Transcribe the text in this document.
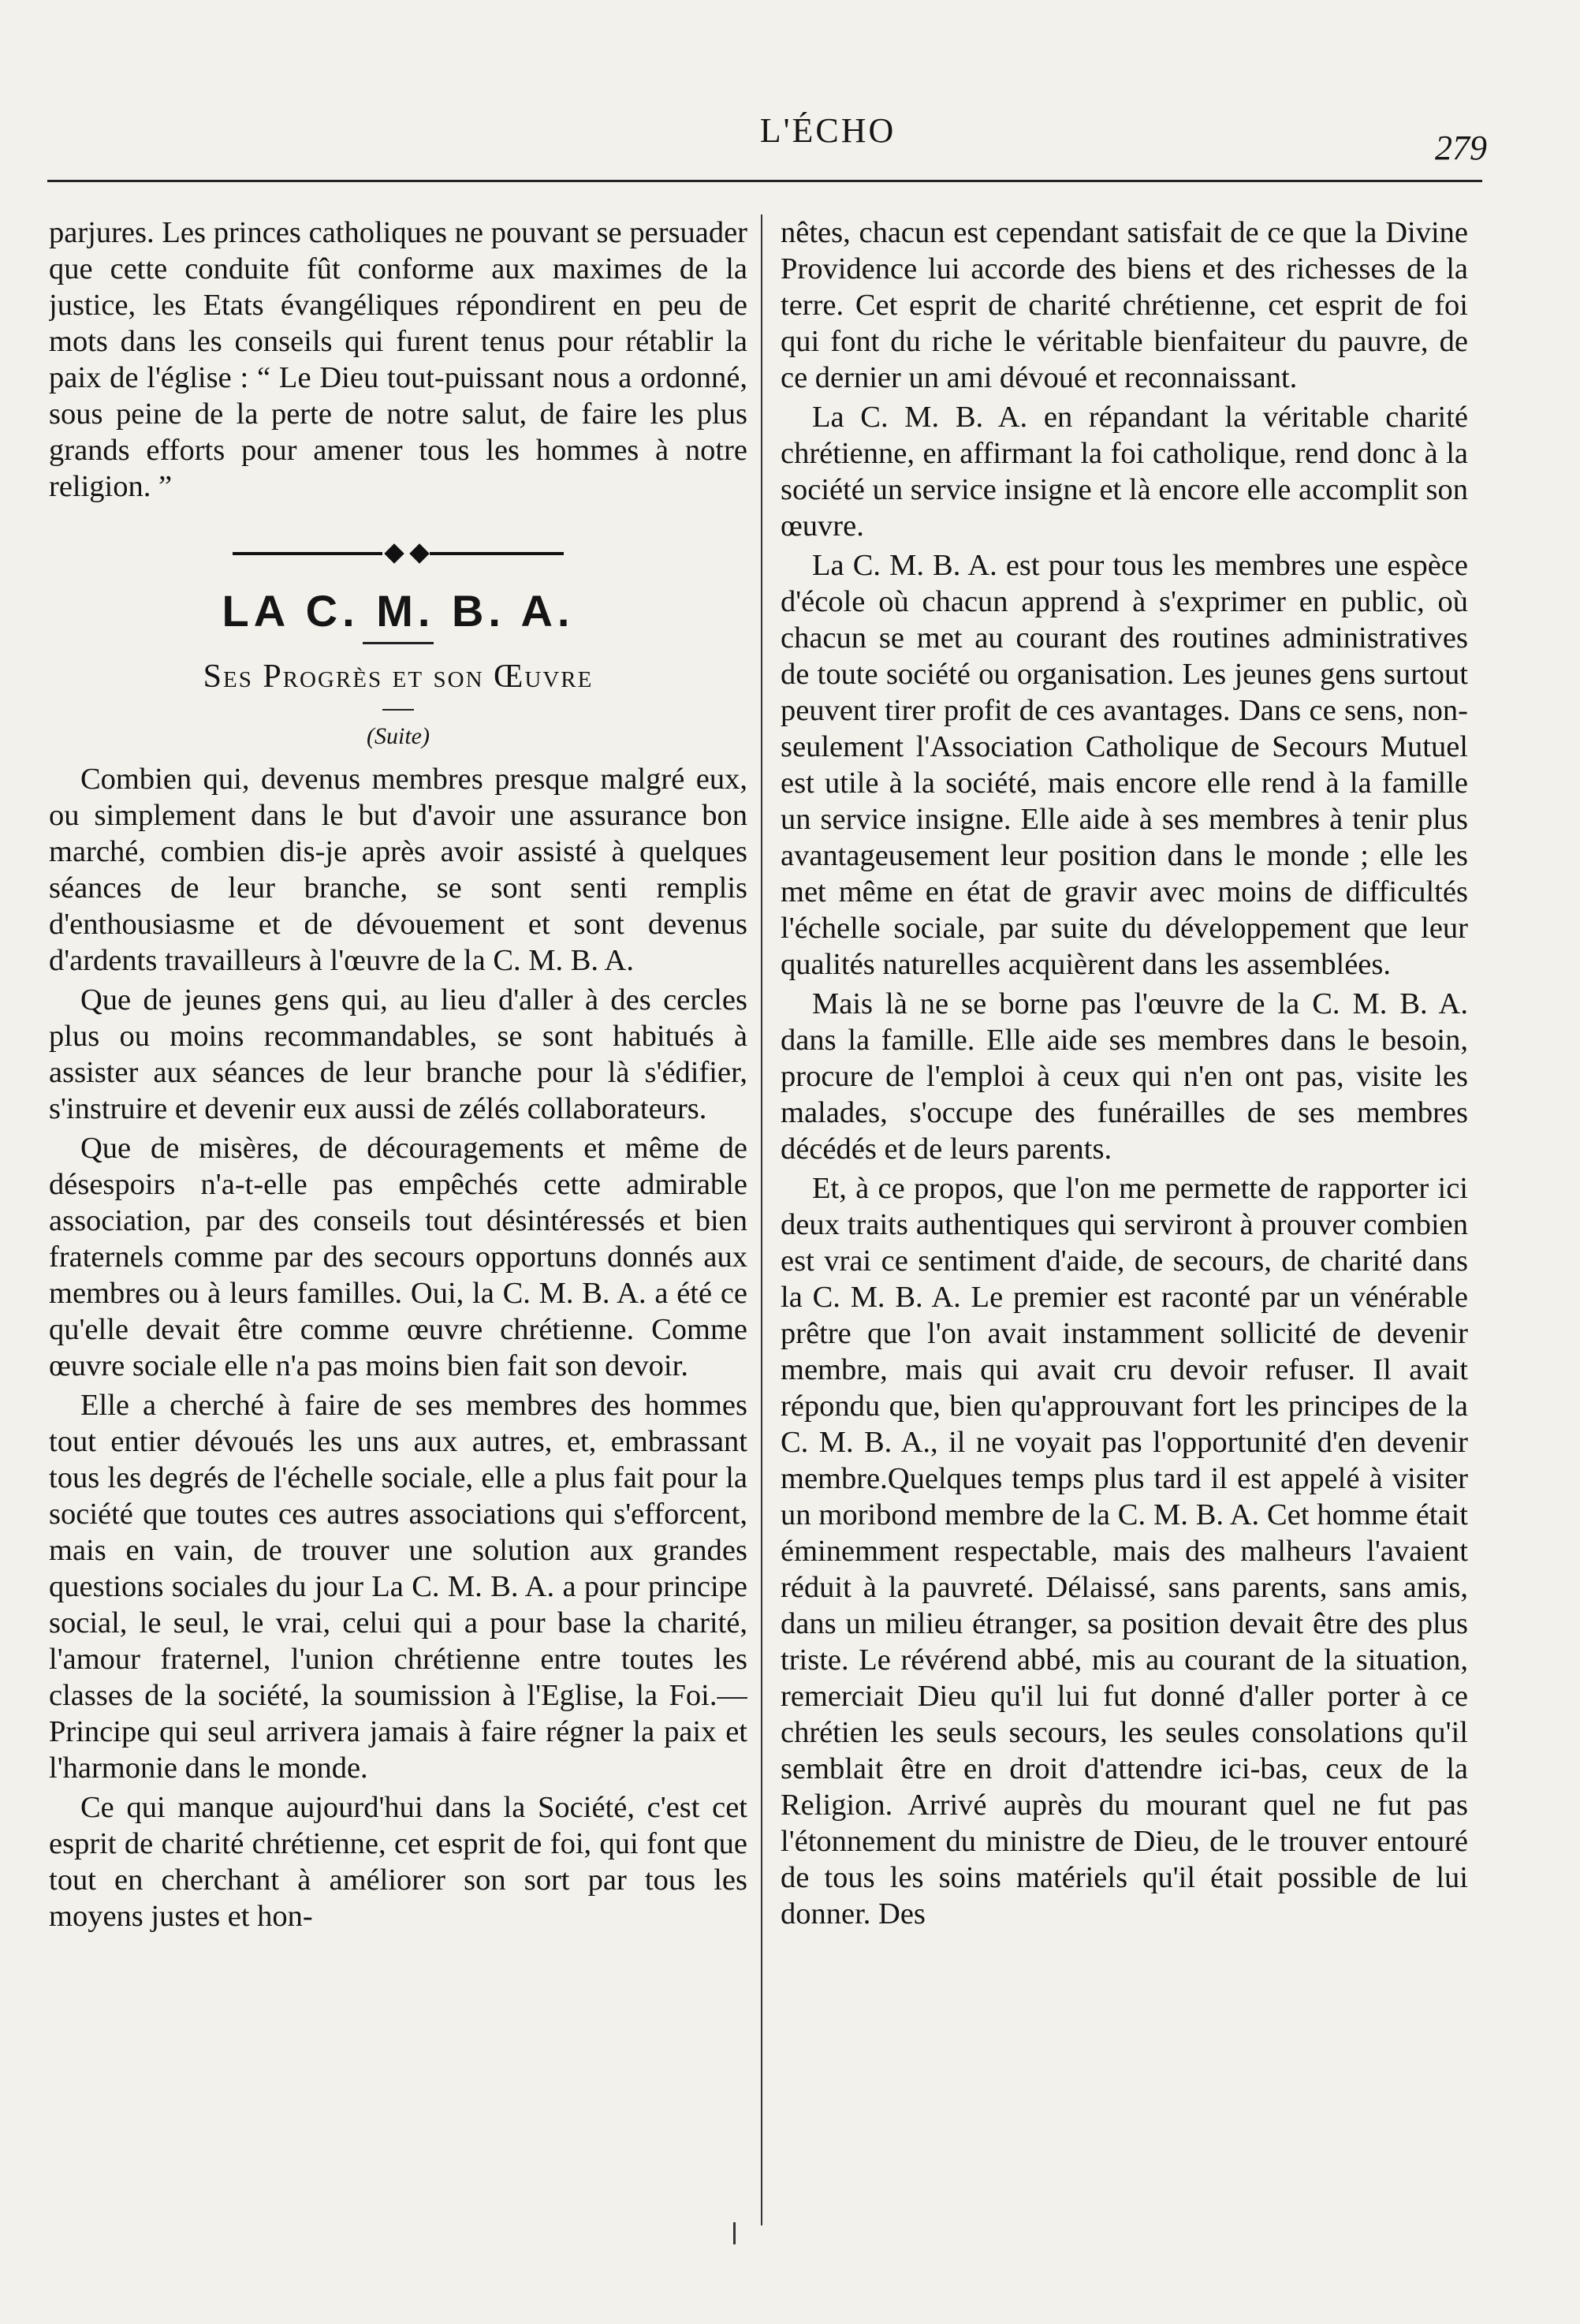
L'ÉCHO	279

parjures. Les princes catholiques ne pouvant se persuader que cette conduite fût conforme aux maximes de la justice, les Etats évangéliques répondirent en peu de mots dans les conseils qui furent tenus pour rétablir la paix de l'église : “ Le Dieu tout-puissant nous a ordonné, sous peine de la perte de notre salut, de faire les plus grands efforts pour amener tous les hommes à notre religion. ”

LA C. M. B. A.
Ses Progrès et son Œuvre
(Suite)

Combien qui, devenus membres presque malgré eux, ou simplement dans le but d'avoir une assurance bon marché, combien dis-je après avoir assisté à quelques séances de leur branche, se sont senti remplis d'enthousiasme et de dévouement et sont devenus d'ardents travailleurs à l'œuvre de la C. M. B. A.

Que de jeunes gens qui, au lieu d'aller à des cercles plus ou moins recommandables, se sont habitués à assister aux séances de leur branche pour là s'édifier, s'instruire et devenir eux aussi de zélés collaborateurs.

Que de misères, de découragements et même de désespoirs n'a-t-elle pas empêchés cette admirable association, par des conseils tout désintéressés et bien fraternels comme par des secours opportuns donnés aux membres ou à leurs familles. Oui, la C. M. B. A. a été ce qu'elle devait être comme œuvre chrétienne. Comme œuvre sociale elle n'a pas moins bien fait son devoir.

Elle a cherché à faire de ses membres des hommes tout entier dévoués les uns aux autres, et, embrassant tous les degrés de l'échelle sociale, elle a plus fait pour la société que toutes ces autres associations qui s'efforcent, mais en vain, de trouver une solution aux grandes questions sociales du jour La C. M. B. A. a pour principe social, le seul, le vrai, celui qui a pour base la charité, l'amour fraternel, l'union chrétienne entre toutes les classes de la société, la soumission à l'Eglise, la Foi.—Principe qui seul arrivera jamais à faire régner la paix et l'harmonie dans le monde.

Ce qui manque aujourd'hui dans la Société, c'est cet esprit de charité chrétienne, cet esprit de foi, qui font que tout en cherchant à améliorer son sort par tous les moyens justes et hon-

nêtes, chacun est cependant satisfait de ce que la Divine Providence lui accorde des biens et des richesses de la terre. Cet esprit de charité chrétienne, cet esprit de foi qui font du riche le véritable bienfaiteur du pauvre, de ce dernier un ami dévoué et reconnaissant.

La C. M. B. A. en répandant la véritable charité chrétienne, en affirmant la foi catholique, rend donc à la société un service insigne et là encore elle accomplit son œuvre.

La C. M. B. A. est pour tous les membres une espèce d'école où chacun apprend à s'exprimer en public, où chacun se met au courant des routines administratives de toute société ou organisation. Les jeunes gens surtout peuvent tirer profit de ces avantages. Dans ce sens, non-seulement l'Association Catholique de Secours Mutuel est utile à la société, mais encore elle rend à la famille un service insigne. Elle aide à ses membres à tenir plus avantageusement leur position dans le monde ; elle les met même en état de gravir avec moins de difficultés l'échelle sociale, par suite du développement que leur qualités naturelles acquièrent dans les assemblées.

Mais là ne se borne pas l'œuvre de la C. M. B. A. dans la famille. Elle aide ses membres dans le besoin, procure de l'emploi à ceux qui n'en ont pas, visite les malades, s'occupe des funérailles de ses membres décédés et de leurs parents.

Et, à ce propos, que l'on me permette de rapporter ici deux traits authentiques qui serviront à prouver combien est vrai ce sentiment d'aide, de secours, de charité dans la C. M. B. A. Le premier est raconté par un vénérable prêtre que l'on avait instamment sollicité de devenir membre, mais qui avait cru devoir refuser. Il avait répondu que, bien qu'approuvant fort les principes de la C. M. B. A., il ne voyait pas l'opportunité d'en devenir membre.Quelques temps plus tard il est appelé à visiter un moribond membre de la C. M. B. A. Cet homme était éminemment respectable, mais des malheurs l'avaient réduit à la pauvreté. Délaissé, sans parents, sans amis, dans un milieu étranger, sa position devait être des plus triste. Le révérend abbé, mis au courant de la situation, remerciait Dieu qu'il lui fut donné d'aller porter à ce chrétien les seuls secours, les seules consolations qu'il semblait être en droit d'attendre ici-bas, ceux de la Religion. Arrivé auprès du mourant quel ne fut pas l'étonnement du ministre de Dieu, de le trouver entouré de tous les soins matériels qu'il était possible de lui donner. Des
